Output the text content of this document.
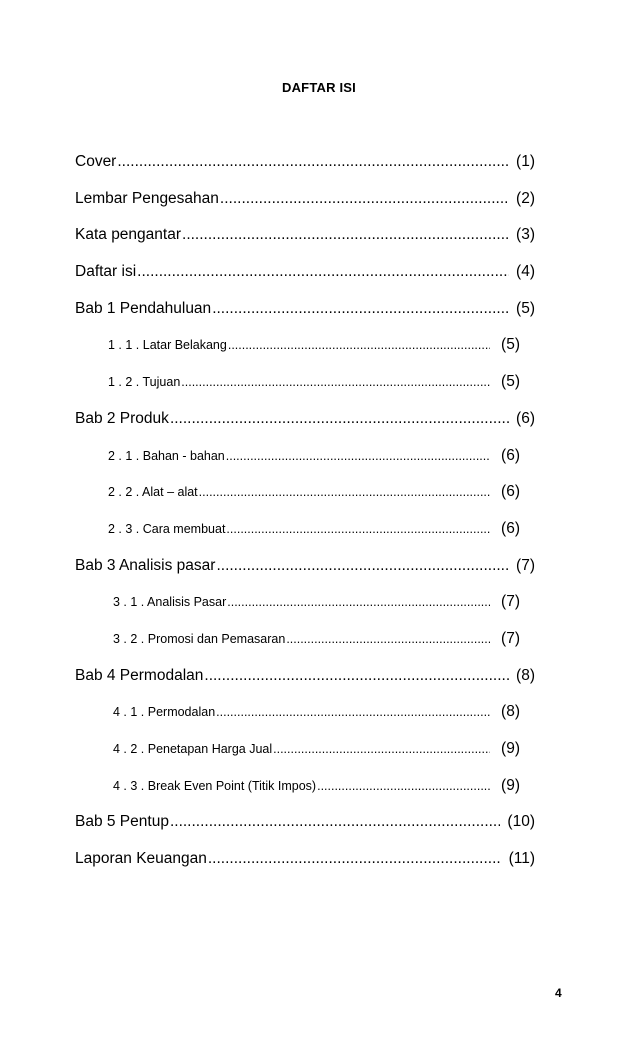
DAFTAR ISI
Cover .....	(1)
Lembar Pengesahan .....	(2)
Kata pengantar .....	(3)
Daftar isi .....	(4)
Bab 1 Pendahuluan .....	(5)
1 . 1 . Latar Belakang .....	(5)
1 . 2 . Tujuan .....	(5)
Bab 2 Produk .....	(6)
2 . 1 . Bahan - bahan .....	(6)
2 . 2 . Alat – alat .....	(6)
2 . 3 . Cara membuat .....	(6)
Bab 3 Analisis pasar .....	(7)
3 . 1 . Analisis Pasar .....	(7)
3 . 2 . Promosi dan Pemasaran .....	(7)
Bab 4 Permodalan .....	(8)
4 . 1 . Permodalan .....	(8)
4 . 2 . Penetapan Harga Jual .....	(9)
4 . 3 . Break Even Point (Titik Impos) .....	(9)
Bab 5 Pentup .....	(10)
Laporan Keuangan .....	(11)
4
